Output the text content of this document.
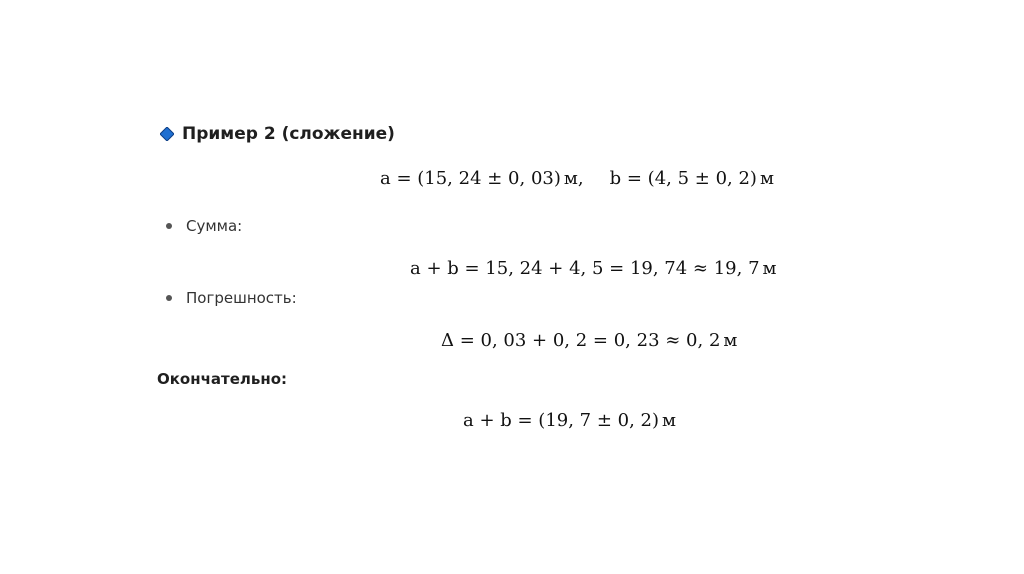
Пример 2 (сложение)
a = (15, 24 ± 0, 03) м, b = (4, 5 ± 0, 2) м
Сумма:
a + b = 15, 24 + 4, 5 = 19, 74 ≈ 19, 7 м
Погрешность:
Δ = 0, 03 + 0, 2 = 0, 23 ≈ 0, 2 м
Окончательно:
a + b = (19, 7 ± 0, 2) м
